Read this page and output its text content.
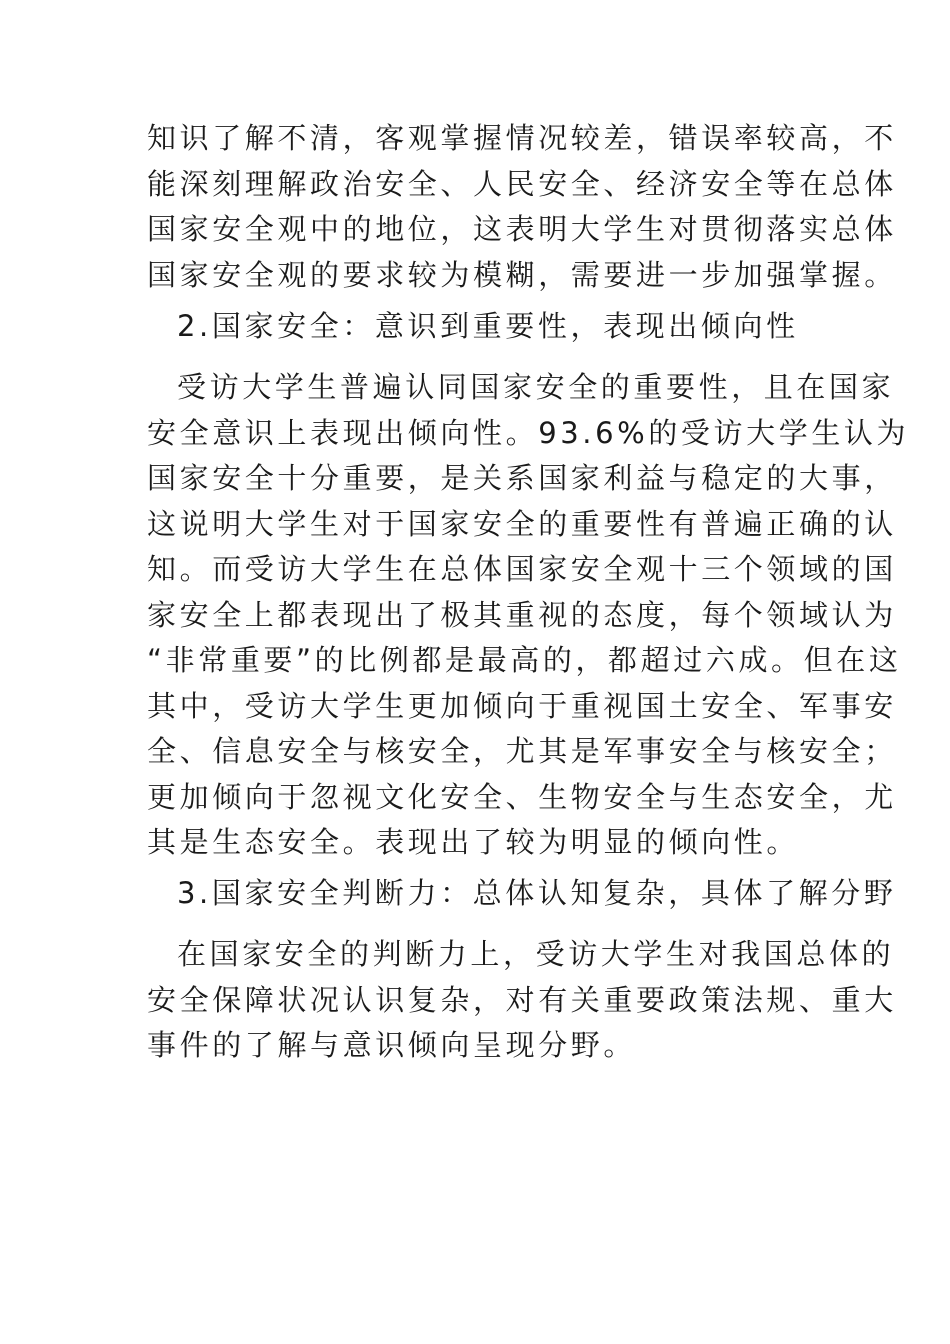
知识了解不清，客观掌握情况较差，错误率较高，不
能深刻理解政治安全、人民安全、经济安全等在总体
国家安全观中的地位，这表明大学生对贯彻落实总体
国家安全观的要求较为模糊，需要进一步加强掌握。
2.国家安全：意识到重要性，表现出倾向性
受访大学生普遍认同国家安全的重要性，且在国家
安全意识上表现出倾向性。93.6%的受访大学生认为
国家安全十分重要，是关系国家利益与稳定的大事，
这说明大学生对于国家安全的重要性有普遍正确的认
知。而受访大学生在总体国家安全观十三个领域的国
家安全上都表现出了极其重视的态度，每个领域认为
“非常重要”的比例都是最高的，都超过六成。但在这
其中，受访大学生更加倾向于重视国土安全、军事安
全、信息安全与核安全，尤其是军事安全与核安全；
更加倾向于忽视文化安全、生物安全与生态安全，尤
其是生态安全。表现出了较为明显的倾向性。
3.国家安全判断力：总体认知复杂，具体了解分野
在国家安全的判断力上，受访大学生对我国总体的
安全保障状况认识复杂，对有关重要政策法规、重大
事件的了解与意识倾向呈现分野。
